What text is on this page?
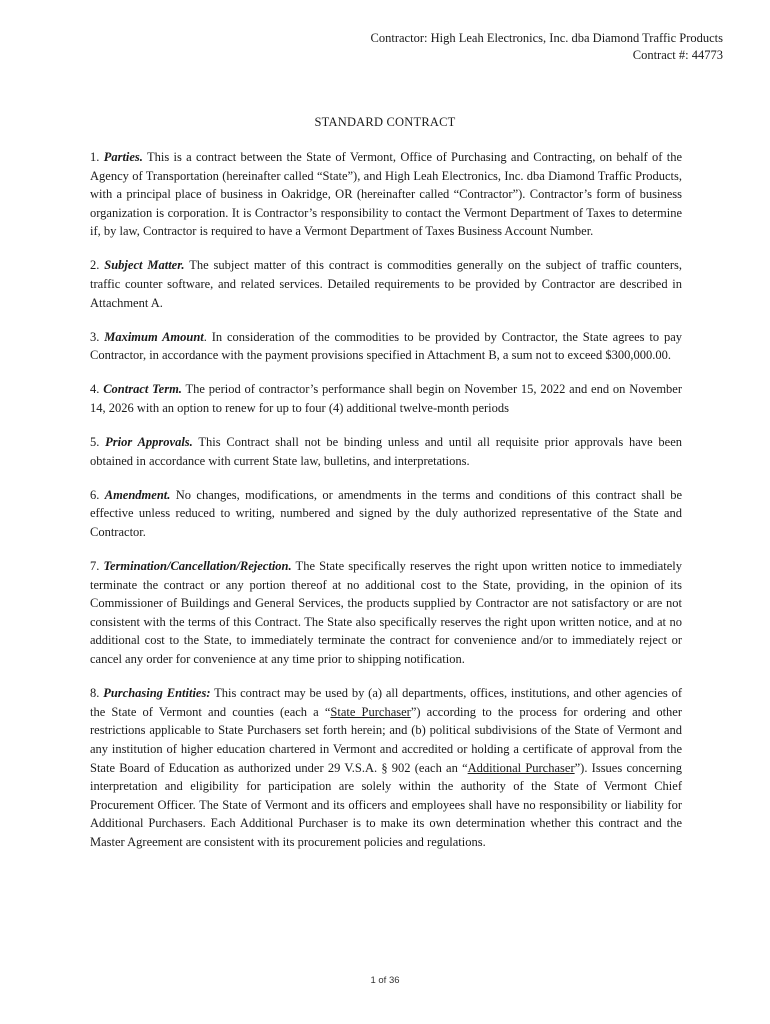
Contractor: High Leah Electronics, Inc. dba Diamond Traffic Products
Contract #: 44773
STANDARD CONTRACT

1. Parties. This is a contract between the State of Vermont, Office of Purchasing and Contracting, on behalf of the Agency of Transportation (hereinafter called “State”), and High Leah Electronics, Inc. dba Diamond Traffic Products, with a principal place of business in Oakridge, OR (hereinafter called “Contractor”). Contractor’s form of business organization is corporation. It is Contractor’s responsibility to contact the Vermont Department of Taxes to determine if, by law, Contractor is required to have a Vermont Department of Taxes Business Account Number.

2. Subject Matter. The subject matter of this contract is commodities generally on the subject of traffic counters, traffic counter software, and related services. Detailed requirements to be provided by Contractor are described in Attachment A.

3. Maximum Amount. In consideration of the commodities to be provided by Contractor, the State agrees to pay Contractor, in accordance with the payment provisions specified in Attachment B, a sum not to exceed $300,000.00.

4. Contract Term. The period of contractor’s performance shall begin on November 15, 2022 and end on November 14, 2026 with an option to renew for up to four (4) additional twelve-month periods

5. Prior Approvals. This Contract shall not be binding unless and until all requisite prior approvals have been obtained in accordance with current State law, bulletins, and interpretations.

6. Amendment. No changes, modifications, or amendments in the terms and conditions of this contract shall be effective unless reduced to writing, numbered and signed by the duly authorized representative of the State and Contractor.

7. Termination/Cancellation/Rejection. The State specifically reserves the right upon written notice to immediately terminate the contract or any portion thereof at no additional cost to the State, providing, in the opinion of its Commissioner of Buildings and General Services, the products supplied by Contractor are not satisfactory or are not consistent with the terms of this Contract. The State also specifically reserves the right upon written notice, and at no additional cost to the State, to immediately terminate the contract for convenience and/or to immediately reject or cancel any order for convenience at any time prior to shipping notification.

8. Purchasing Entities: This contract may be used by (a) all departments, offices, institutions, and other agencies of the State of Vermont and counties (each a “State Purchaser”) according to the process for ordering and other restrictions applicable to State Purchasers set forth herein; and (b) political subdivisions of the State of Vermont and any institution of higher education chartered in Vermont and accredited or holding a certificate of approval from the State Board of Education as authorized under 29 V.S.A. § 902 (each an “Additional Purchaser”). Issues concerning interpretation and eligibility for participation are solely within the authority of the State of Vermont Chief Procurement Officer. The State of Vermont and its officers and employees shall have no responsibility or liability for Additional Purchasers. Each Additional Purchaser is to make its own determination whether this contract and the Master Agreement are consistent with its procurement policies and regulations.

1 of 36
